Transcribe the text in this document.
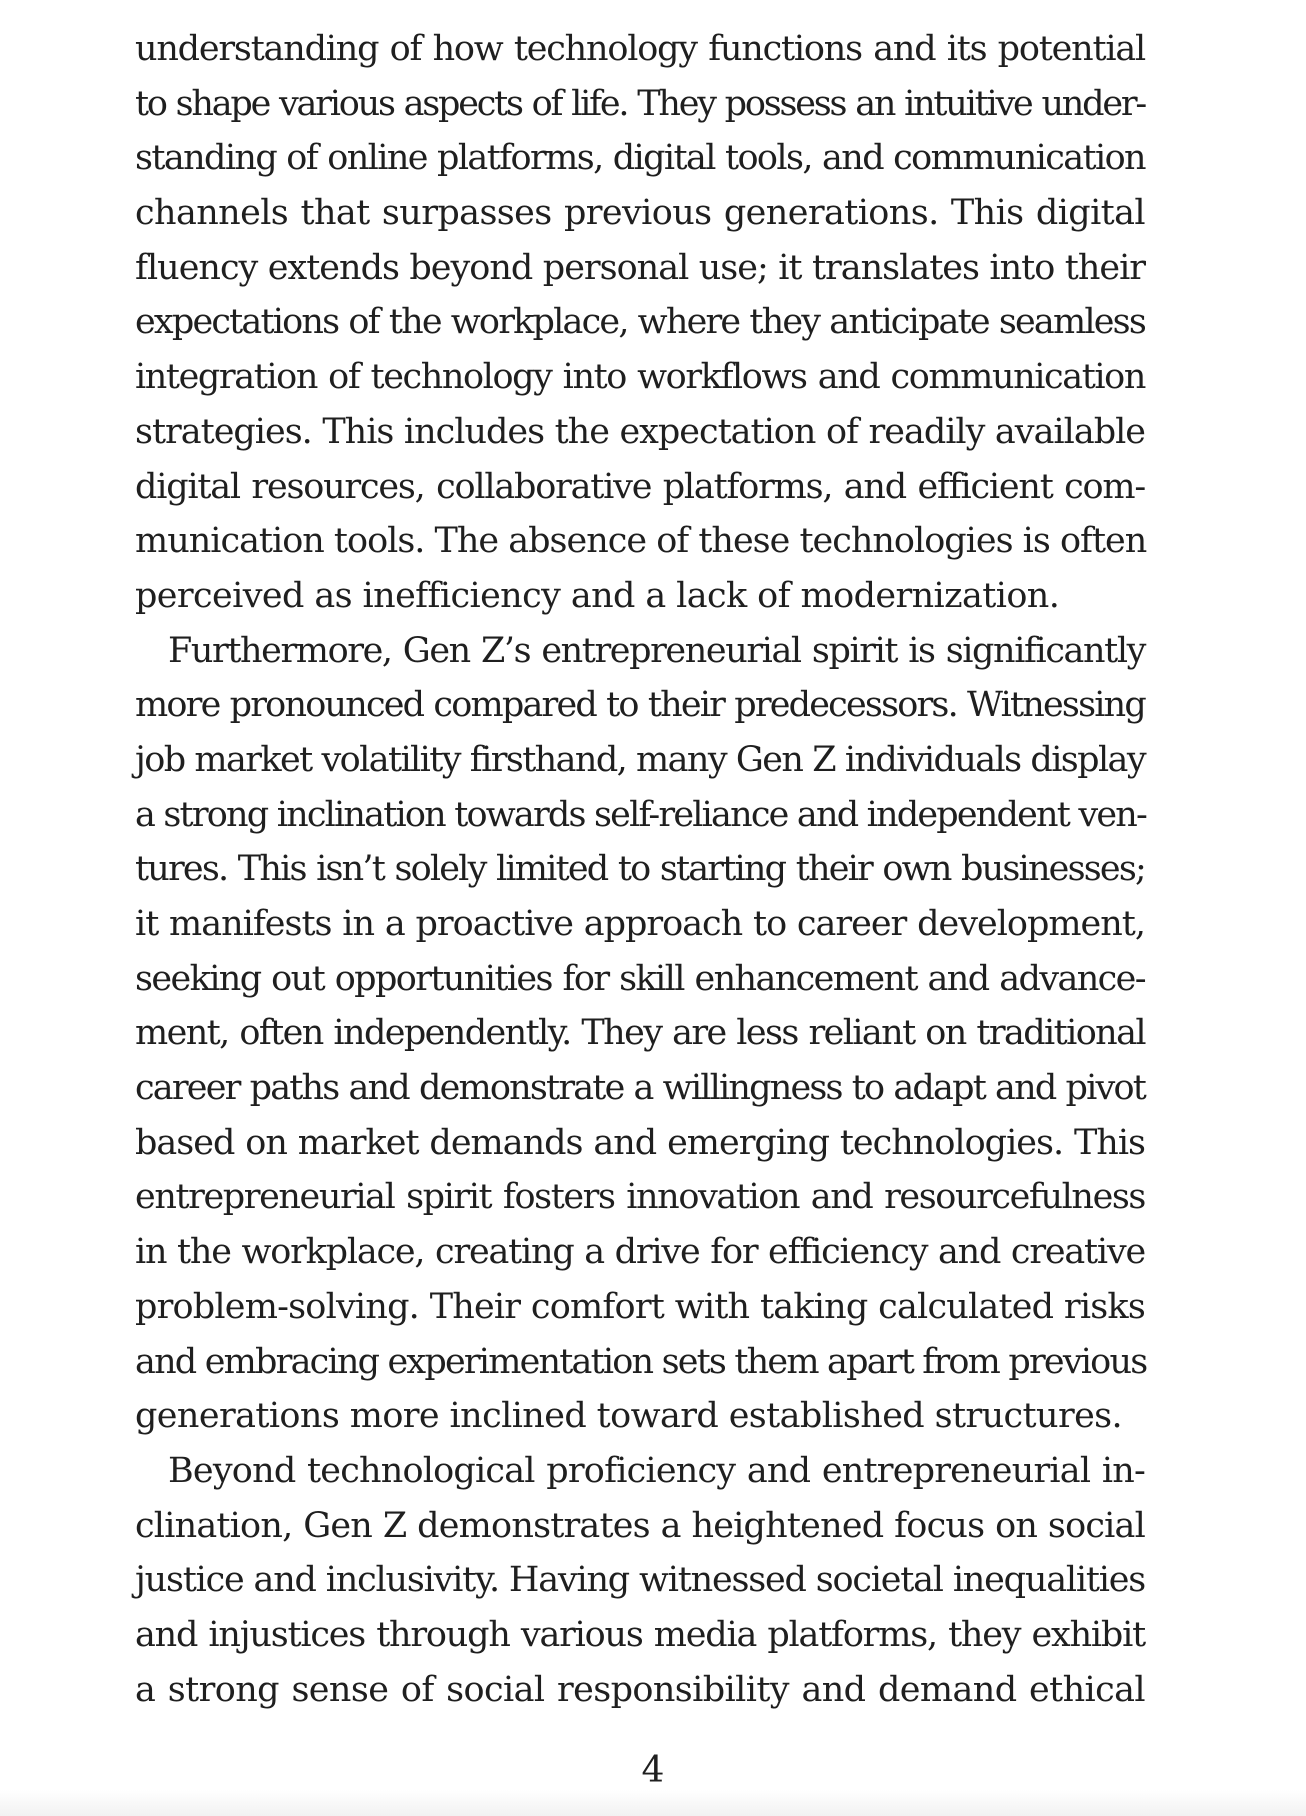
understanding of how technology functions and its potential
to shape various aspects of life. They possess an intuitive under-
standing of online platforms, digital tools, and communication
channels that surpasses previous generations. This digital
fluency extends beyond personal use; it translates into their
expectations of the workplace, where they anticipate seamless
integration of technology into workflows and communication
strategies. This includes the expectation of readily available
digital resources, collaborative platforms, and efficient com-
munication tools. The absence of these technologies is often
perceived as inefficiency and a lack of modernization.
Furthermore, Gen Z’s entrepreneurial spirit is significantly
more pronounced compared to their predecessors. Witnessing
job market volatility firsthand, many Gen Z individuals display
a strong inclination towards self-reliance and independent ven-
tures. This isn’t solely limited to starting their own businesses;
it manifests in a proactive approach to career development,
seeking out opportunities for skill enhancement and advance-
ment, often independently. They are less reliant on traditional
career paths and demonstrate a willingness to adapt and pivot
based on market demands and emerging technologies. This
entrepreneurial spirit fosters innovation and resourcefulness
in the workplace, creating a drive for efficiency and creative
problem-solving. Their comfort with taking calculated risks
and embracing experimentation sets them apart from previous
generations more inclined toward established structures.
Beyond technological proficiency and entrepreneurial in-
clination, Gen Z demonstrates a heightened focus on social
justice and inclusivity. Having witnessed societal inequalities
and injustices through various media platforms, they exhibit
a strong sense of social responsibility and demand ethical
4
